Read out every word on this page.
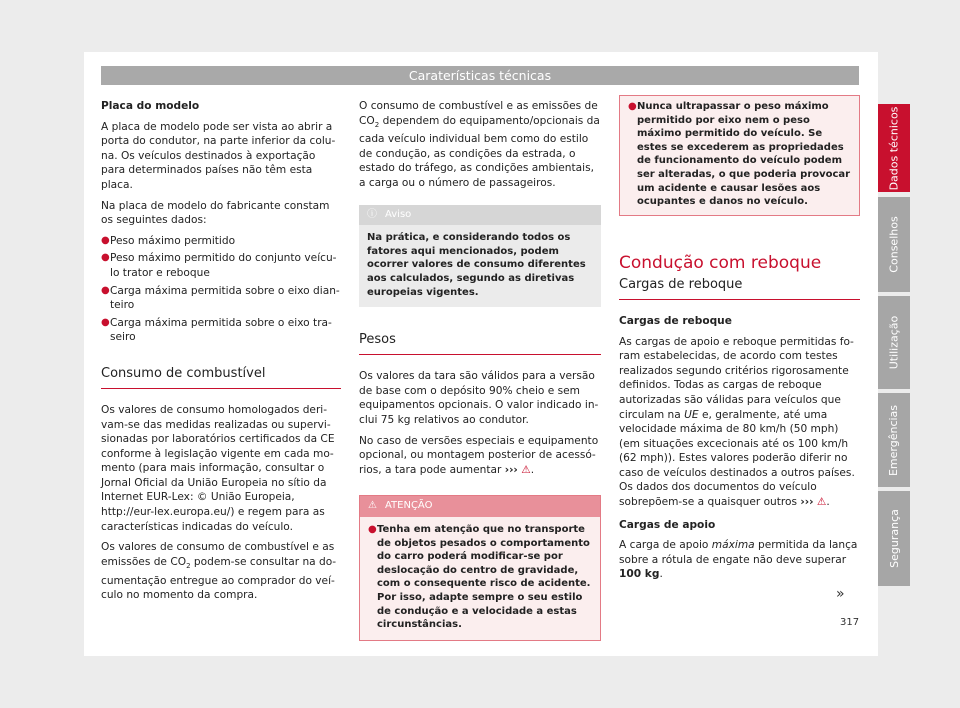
Caraterísticas técnicas

Placa do modelo

A placa de modelo pode ser vista ao abrir a porta do condutor, na parte inferior da coluna. Os veículos destinados à exportação para determinados países não têm esta placa.

Na placa de modelo do fabricante constam os seguintes dados:

● Peso máximo permitido
● Peso máximo permitido do conjunto veículo trator e reboque
● Carga máxima permitida sobre o eixo dianteiro
● Carga máxima permitida sobre o eixo traseiro
Consumo de combustível

Os valores de consumo homologados derivam-se das medidas realizadas ou supervisionadas por laboratórios certificados da CE conforme à legislação vigente em cada momento (para mais informação, consultar o Jornal Oficial da União Europeia no sítio da Internet EUR-Lex: © União Europeia, http://eur-lex.europa.eu/) e regem para as características indicadas do veículo.

Os valores de consumo de combustível e as emissões de $CO_2$ podem-se consultar na documentação entregue ao comprador do veículo no momento da compra.

O consumo de combustível e as emissões de $CO_2$ dependem do equipamento/opcionais da cada veículo individual bem como do estilo de condução, as condições da estrada, o estado do tráfego, as condições ambientais, a carga ou o número de passageiros.

ⓘ Aviso
Na prática, e considerando todos os fatores aqui mencionados, podem ocorrer valores de consumo diferentes aos calculados, segundo as diretivas europeias vigentes.
Pesos

Os valores da tara são válidos para a versão de base com o depósito 90% cheio e sem equipamentos opcionais. O valor indicado inclui 75 kg relativos ao condutor.

No caso de versões especiais e equipamento opcional, ou montagem posterior de acessórios, a tara pode aumentar ››› ⚠.

⚠ ATENÇÃO
● Tenha em atenção que no transporte de objetos pesados o comportamento do carro poderá modificar-se por deslocação do centro de gravidade, com o consequente risco de acidente. Por isso, adapte sempre o seu estilo de condução e a velocidade a estas circunstâncias.
● Nunca ultrapassar o peso máximo permitido por eixo nem o peso máximo permitido do veículo. Se estes se excederem as propriedades de funcionamento do veículo podem ser alteradas, o que poderia provocar um acidente e causar lesões aos ocupantes e danos no veículo.
Condução com reboque
Cargas de reboque

Cargas de reboque

As cargas de apoio e reboque permitidas foram estabelecidas, de acordo com testes realizados segundo critérios rigorosamente definidos. Todas as cargas de reboque autorizadas são válidas para veículos que circulam na UE e, geralmente, até uma velocidade máxima de 80 km/h (50 mph) (em situações excecionais até os 100 km/h (62 mph)). Estes valores poderão diferir no caso de veículos destinados a outros países. Os dados dos documentos do veículo sobrepõem-se a quaisquer outros ››› ⚠.

Cargas de apoio

A carga de apoio máxima permitida da lança sobre a rótula de engate não deve superar 100 kg.

»
317
Dados técnicos
Conselhos
Utilização
Emergências
Segurança
